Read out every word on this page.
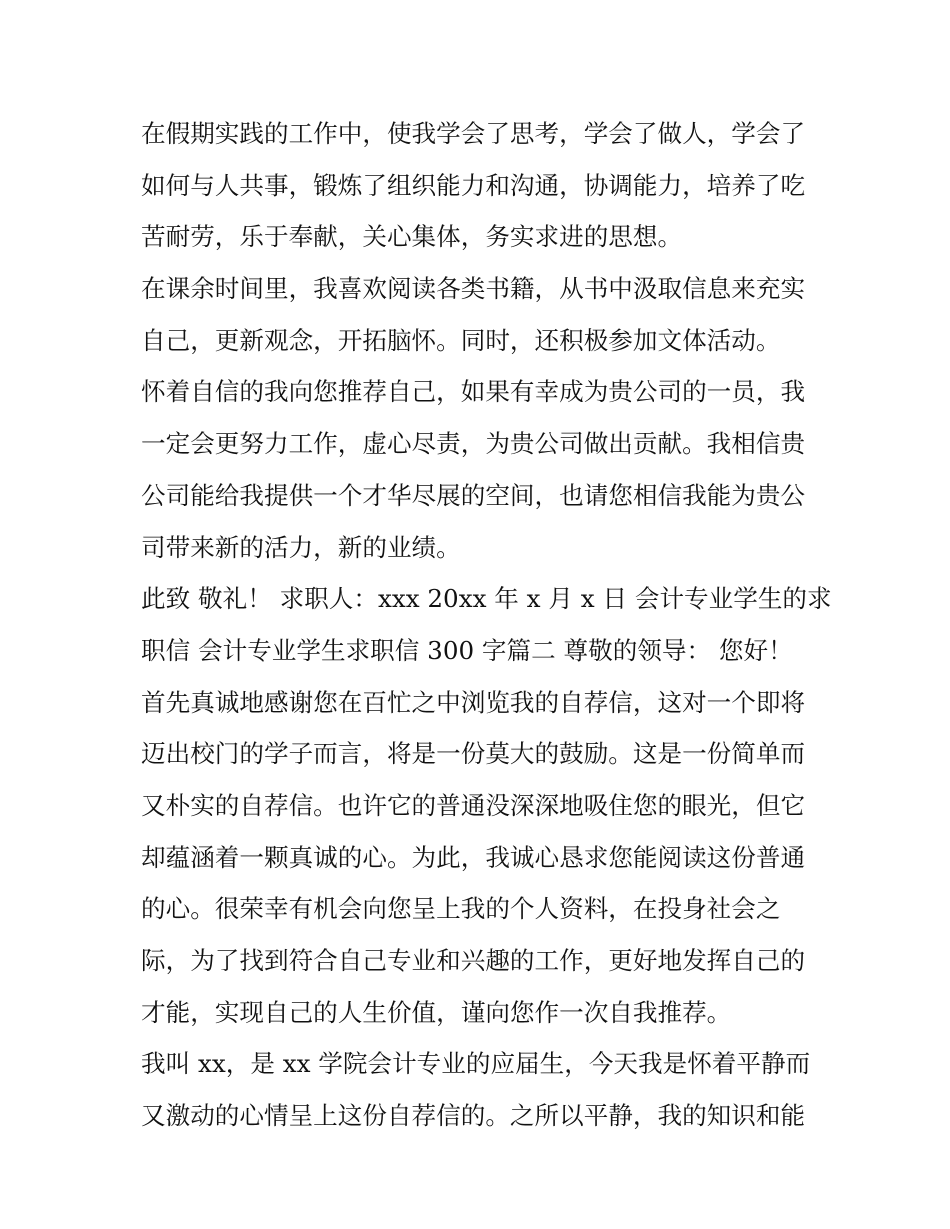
在假期实践的工作中，使我学会了思考，学会了做人，学会了
如何与人共事，锻炼了组织能力和沟通，协调能力，培养了吃
苦耐劳，乐于奉献，关心集体，务实求进的思想。
在课余时间里，我喜欢阅读各类书籍，从书中汲取信息来充实
自己，更新观念，开拓脑怀。同时，还积极参加文体活动。
怀着自信的我向您推荐自己，如果有幸成为贵公司的一员，我
一定会更努力工作，虚心尽责，为贵公司做出贡献。我相信贵
公司能给我提供一个才华尽展的空间，也请您相信我能为贵公
司带来新的活力，新的业绩。
此致 敬礼！ 求职人：xxx 20xx 年 x 月 x 日 会计专业学生的求
职信 会计专业学生求职信 300 字篇二 尊敬的领导： 您好！
首先真诚地感谢您在百忙之中浏览我的自荐信，这对一个即将
迈出校门的学子而言，将是一份莫大的鼓励。这是一份简单而
又朴实的自荐信。也许它的普通没深深地吸住您的眼光，但它
却蕴涵着一颗真诚的心。为此，我诚心恳求您能阅读这份普通
的心。很荣幸有机会向您呈上我的个人资料，在投身社会之
际，为了找到符合自己专业和兴趣的工作，更好地发挥自己的
才能，实现自己的人生价值，谨向您作一次自我推荐。
我叫 xx，是 xx 学院会计专业的应届生，今天我是怀着平静而
又激动的心情呈上这份自荐信的。之所以平静，我的知识和能
